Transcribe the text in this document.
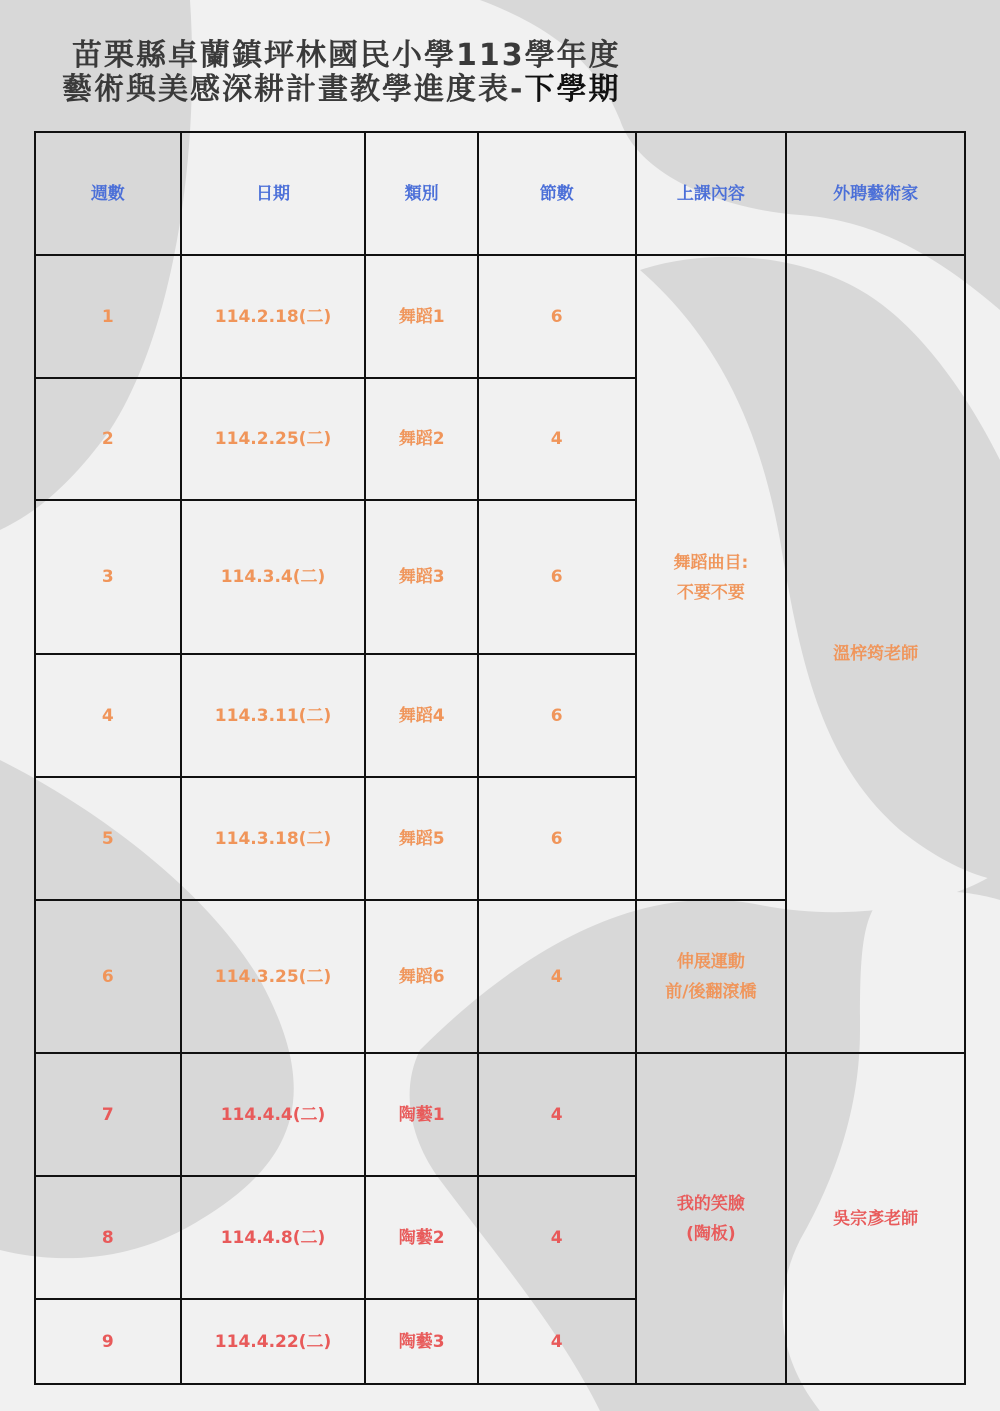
苗栗縣卓蘭鎮坪林國民小學113學年度
藝術與美感深耕計畫教學進度表-下學期
週數	日期	類別	節數	上課內容	外聘藝術家
1	114.2.18(二)	舞蹈1	6	舞蹈曲目:
不要不要	溫梓筠老師
2	114.2.25(二)	舞蹈2	4		
3	114.3.4(二)	舞蹈3	6		
4	114.3.11(二)	舞蹈4	6		
5	114.3.18(二)	舞蹈5	6		
6	114.3.25(二)	舞蹈6	4	伸展運動
前/後翻滾橋	
7	114.4.4(二)	陶藝1	4	我的笑臉
(陶板)	吳宗彥老師
8	114.4.8(二)	陶藝2	4		
9	114.4.22(二)	陶藝3	4		
